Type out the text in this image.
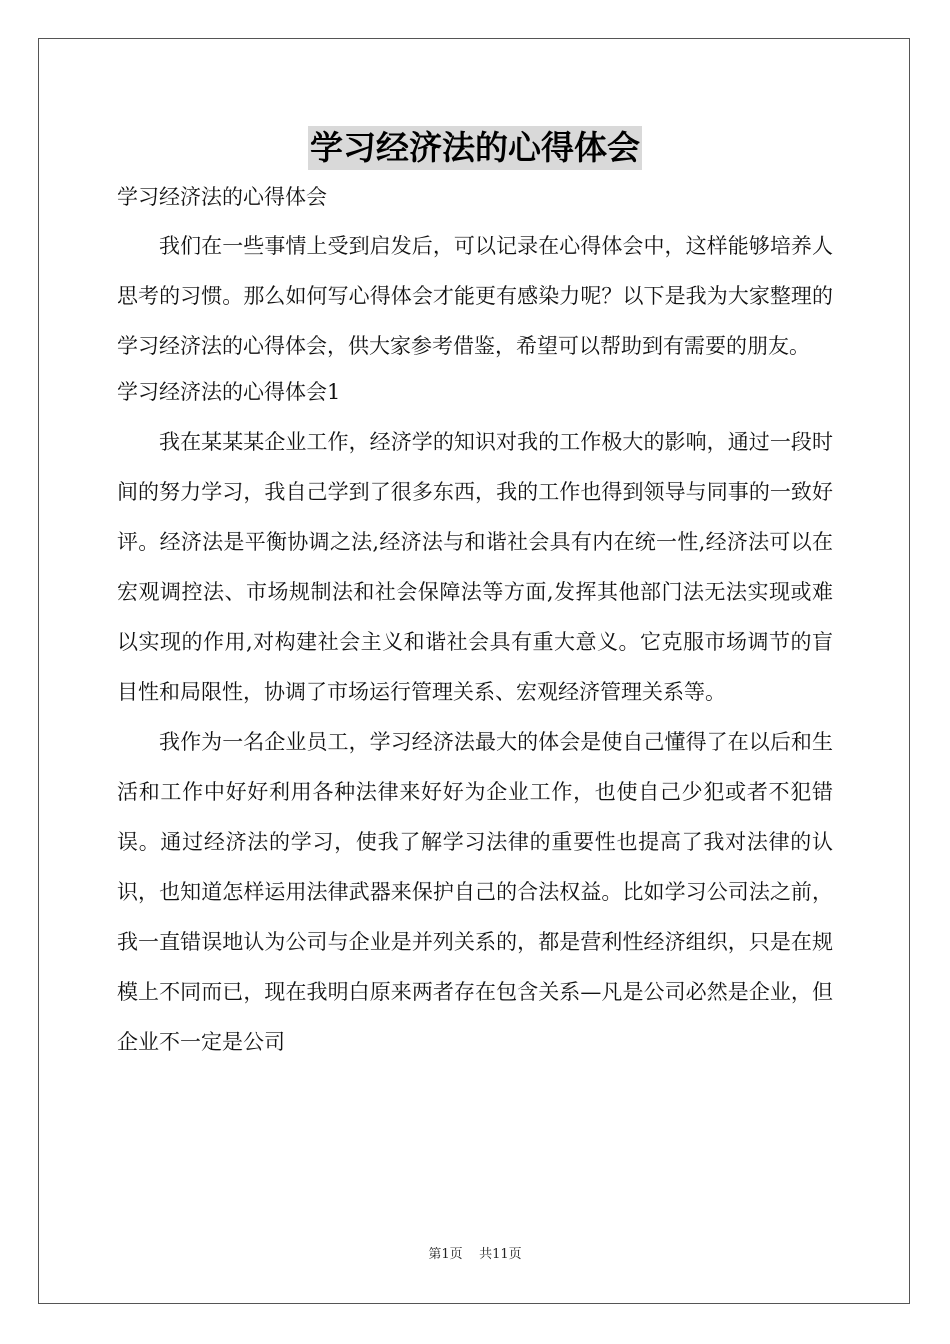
学习经济法的心得体会

学习经济法的心得体会

我们在一些事情上受到启发后，可以记录在心得体会中，这样能够培养人思考的习惯。那么如何写心得体会才能更有感染力呢？以下是我为大家整理的学习经济法的心得体会，供大家参考借鉴，希望可以帮助到有需要的朋友。

学习经济法的心得体会1

我在某某某企业工作，经济学的知识对我的工作极大的影响，通过一段时间的努力学习，我自己学到了很多东西，我的工作也得到领导与同事的一致好评。经济法是平衡协调之法,经济法与和谐社会具有内在统一性,经济法可以在宏观调控法、市场规制法和社会保障法等方面,发挥其他部门法无法实现或难以实现的作用,对构建社会主义和谐社会具有重大意义。它克服市场调节的盲目性和局限性，协调了市场运行管理关系、宏观经济管理关系等。

我作为一名企业员工，学习经济法最大的体会是使自己懂得了在以后和生活和工作中好好利用各种法律来好好为企业工作，也使自己少犯或者不犯错误。通过经济法的学习，使我了解学习法律的重要性也提高了我对法律的认识，也知道怎样运用法律武器来保护自己的合法权益。比如学习公司法之前，我一直错误地认为公司与企业是并列关系的，都是营利性经济组织，只是在规模上不同而已，现在我明白原来两者存在包含关系—凡是公司必然是企业，但企业不一定是公司

第1页 共11页
